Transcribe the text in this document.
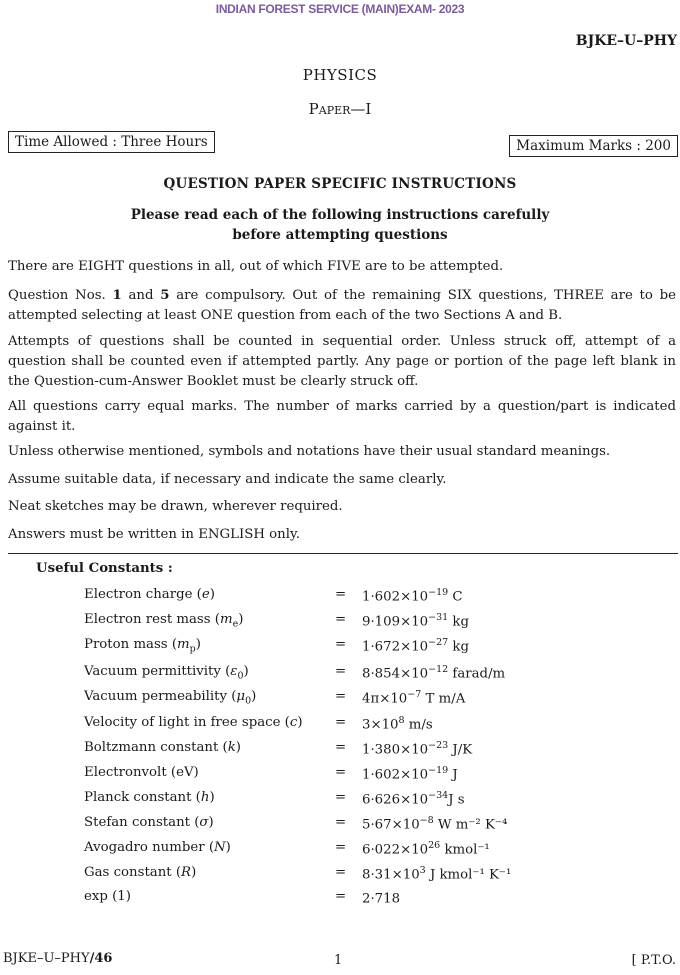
INDIAN FOREST SERVICE (MAIN)EXAM- 2023
BJKE–U–PHY
PHYSICS
Paper—I
Time Allowed : Three Hours	Maximum Marks : 200
QUESTION PAPER SPECIFIC INSTRUCTIONS
Please read each of the following instructions carefully
before attempting questions
There are EIGHT questions in all, out of which FIVE are to be attempted.
Question Nos. 1 and 5 are compulsory. Out of the remaining SIX questions, THREE are to be attempted selecting at least ONE question from each of the two Sections A and B.
Attempts of questions shall be counted in sequential order. Unless struck off, attempt of a question shall be counted even if attempted partly. Any page or portion of the page left blank in the Question-cum-Answer Booklet must be clearly struck off.
All questions carry equal marks. The number of marks carried by a question/part is indicated against it.
Unless otherwise mentioned, symbols and notations have their usual standard meanings.
Assume suitable data, if necessary and indicate the same clearly.
Neat sketches may be drawn, wherever required.
Answers must be written in ENGLISH only.
Useful Constants :
Electron charge (e)	= $1\cdot 602\times 10^{-19}$ C
Electron rest mass $(m_e)$	= $9\cdot 109\times 10^{-31}$ kg
Proton mass $(m_p)$	= $1\cdot 672\times 10^{-27}$ kg
Vacuum permittivity $(\varepsilon_0)$	= $8\cdot 854\times 10^{-12}$ farad/m
Vacuum permeability $(\mu_0)$	= $4\pi\times 10^{-7}$ T m/A
Velocity of light in free space $(c) = 3\times 10^8$ m/s
Boltzmann constant (k)	= $1\cdot 380\times 10^{-23}$ J/K
Electronvolt (eV)	= $1\cdot 602\times 10^{-19}$ J
Planck constant (h)	= $6\cdot 626\times 10^{-34}J$ s
Stefan constant (σ)	= $5\cdot 67\times 10^{-8}$ W m⁻² K⁻⁴
Avogadro number (N)	= $6\cdot 022\times 10^{26}$ kmol⁻¹
Gas constant (R)	= $8\cdot 31\times 10^3$ J kmol⁻¹ K⁻¹
exp (1)	= 2·718
BJKE–U–PHY/46	1	[ P.T.O.
